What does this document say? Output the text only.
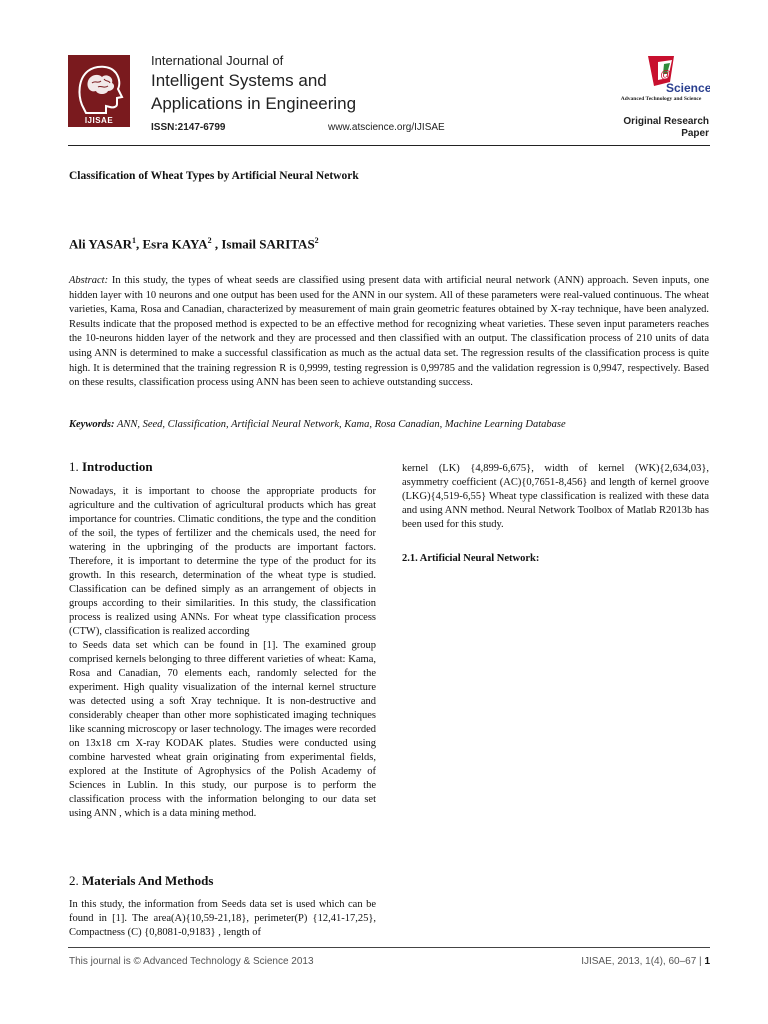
IJISAE
International Journal of
Intelligent Systems and
Applications in Engineering
ISSN:2147-6799	www.atscience.org/IJISAE
@
Science
Advanced Technology and Science
Original Research
Paper
Classification of Wheat Types by Artificial Neural Network
Ali YASAR$^1$, Esra KAYA$^2$ , Ismail SARITAS$^2$
Abstract: In this study, the types of wheat seeds are classified using present data with artificial neural network (ANN) approach. Seven inputs, one hidden layer with 10 neurons and one output has been used for the ANN in our system. All of these parameters were real-valued continuous. The wheat varieties, Kama, Rosa and Canadian, characterized by measurement of main grain geometric features obtained by X-ray technique, have been analyzed. Results indicate that the proposed method is expected to be an effective method for recognizing wheat varieties. These seven input parameters reaches the 10-neurons hidden layer of the network and they are processed and then classified with an output. The classification process of 210 units of data using ANN is determined to make a successful classification as much as the actual data set. The regression results of the classification process is quite high. It is determined that the training regression R is 0,9999, testing regression is 0,99785 and the validation regression is 0,9947, respectively. Based on these results, classification process using ANN has been seen to achieve outstanding success.
Keywords: ANN, Seed, Classification, Artificial Neural Network, Kama, Rosa Canadian, Machine Learning Database
1. Introduction

Nowadays, it is important to choose the appropriate products for agriculture and the cultivation of agricultural products which has great importance for countries. Climatic conditions, the type and the condition of the soil, the types of fertilizer and the chemicals used, the need for watering in the upbringing of the products are important factors. Therefore, it is important to determine the type of the product for its growth. In this research, determination of the wheat type is studied. Classification can be defined simply as an arrangement of objects in groups according to their similarities. In this study, the classification process is realized using ANNs. For wheat type classification process (CTW), classification is realized according

to Seeds data set which can be found in [1]. The examined group comprised kernels belonging to three different varieties of wheat: Kama, Rosa and Canadian, 70 elements each, randomly selected for the experiment. High quality visualization of the internal kernel structure was detected using a soft Xray technique. It is non-destructive and considerably cheaper than other more sophisticated imaging techniques like scanning microscopy or laser technology. The images were recorded on 13x18 cm X-ray KODAK plates. Studies were conducted using combine harvested wheat grain originating from experimental fields, explored at the Institute of Agrophysics of the Polish Academy of Sciences in Lublin. In this study, our purpose is to perform the classification process with the information belonging to our data set using ANN , which is a data mining method.

2. Materials And Methods

In this study, the information from Seeds data set is used which can be found in [1]. The area(A){10,59-21,18}, perimeter(P) {12,41-17,25}, Compactness (C) {0,8081-0,9183} , length of

kernel (LK) {4,899-6,675}, width of kernel (WK){2,634,03}, asymmetry coefficient (AC){0,7651-8,456} and length of kernel groove (LKG){4,519-6,55} Wheat type classification is realized with these data and using ANN method. Neural Network Toolbox of Matlab R2013b has been used for this study.

2.1. Artificial Neural Network:
This journal is © Advanced Technology & Science 2013	IJISAE, 2013, 1(4), 60–67 | 1
